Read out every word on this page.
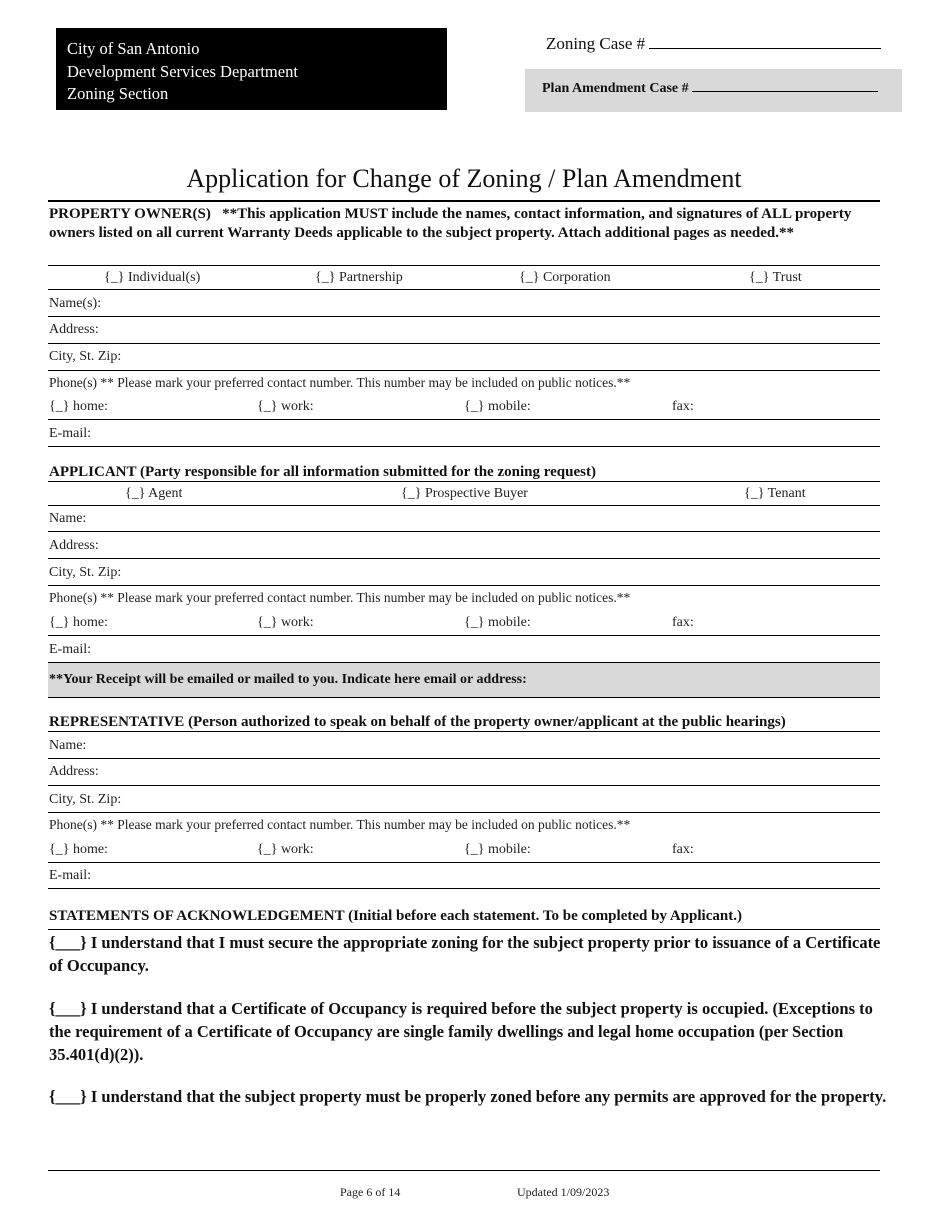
City of San Antonio
Development Services Department
Zoning Section
Zoning Case #
Plan Amendment Case #
Application for Change of Zoning / Plan Amendment
PROPERTY OWNER(S) **This application MUST include the names, contact information, and signatures of ALL property owners listed on all current Warranty Deeds applicable to the subject property. Attach additional pages as needed.**
{_} Individual(s)	{_} Partnership	{_} Corporation	{_} Trust
Name(s):
Address:
City, St. Zip:
Phone(s) ** Please mark your preferred contact number. This number may be included on public notices.**
{_} home:	{_} work:	{_} mobile:	fax:
E-mail:
APPLICANT (Party responsible for all information submitted for the zoning request)
{_} Agent	{_} Prospective Buyer	{_} Tenant
Name:
Address:
City, St. Zip:
Phone(s) ** Please mark your preferred contact number. This number may be included on public notices.**
{_} home:	{_} work:	{_} mobile:	fax:
E-mail:
**Your Receipt will be emailed or mailed to you. Indicate here email or address:
REPRESENTATIVE (Person authorized to speak on behalf of the property owner/applicant at the public hearings)
Name:
Address:
City, St. Zip:
Phone(s) ** Please mark your preferred contact number. This number may be included on public notices.**
{_} home:	{_} work:	{_} mobile:	fax:
E-mail:
STATEMENTS OF ACKNOWLEDGEMENT (Initial before each statement. To be completed by Applicant.)
{___} I understand that I must secure the appropriate zoning for the subject property prior to issuance of a Certificate of Occupancy.
{___} I understand that a Certificate of Occupancy is required before the subject property is occupied. (Exceptions to the requirement of a Certificate of Occupancy are single family dwellings and legal home occupation (per Section 35.401(d)(2)).
{___} I understand that the subject property must be properly zoned before any permits are approved for the property.
Page 6 of 14	Updated 1/09/2023
